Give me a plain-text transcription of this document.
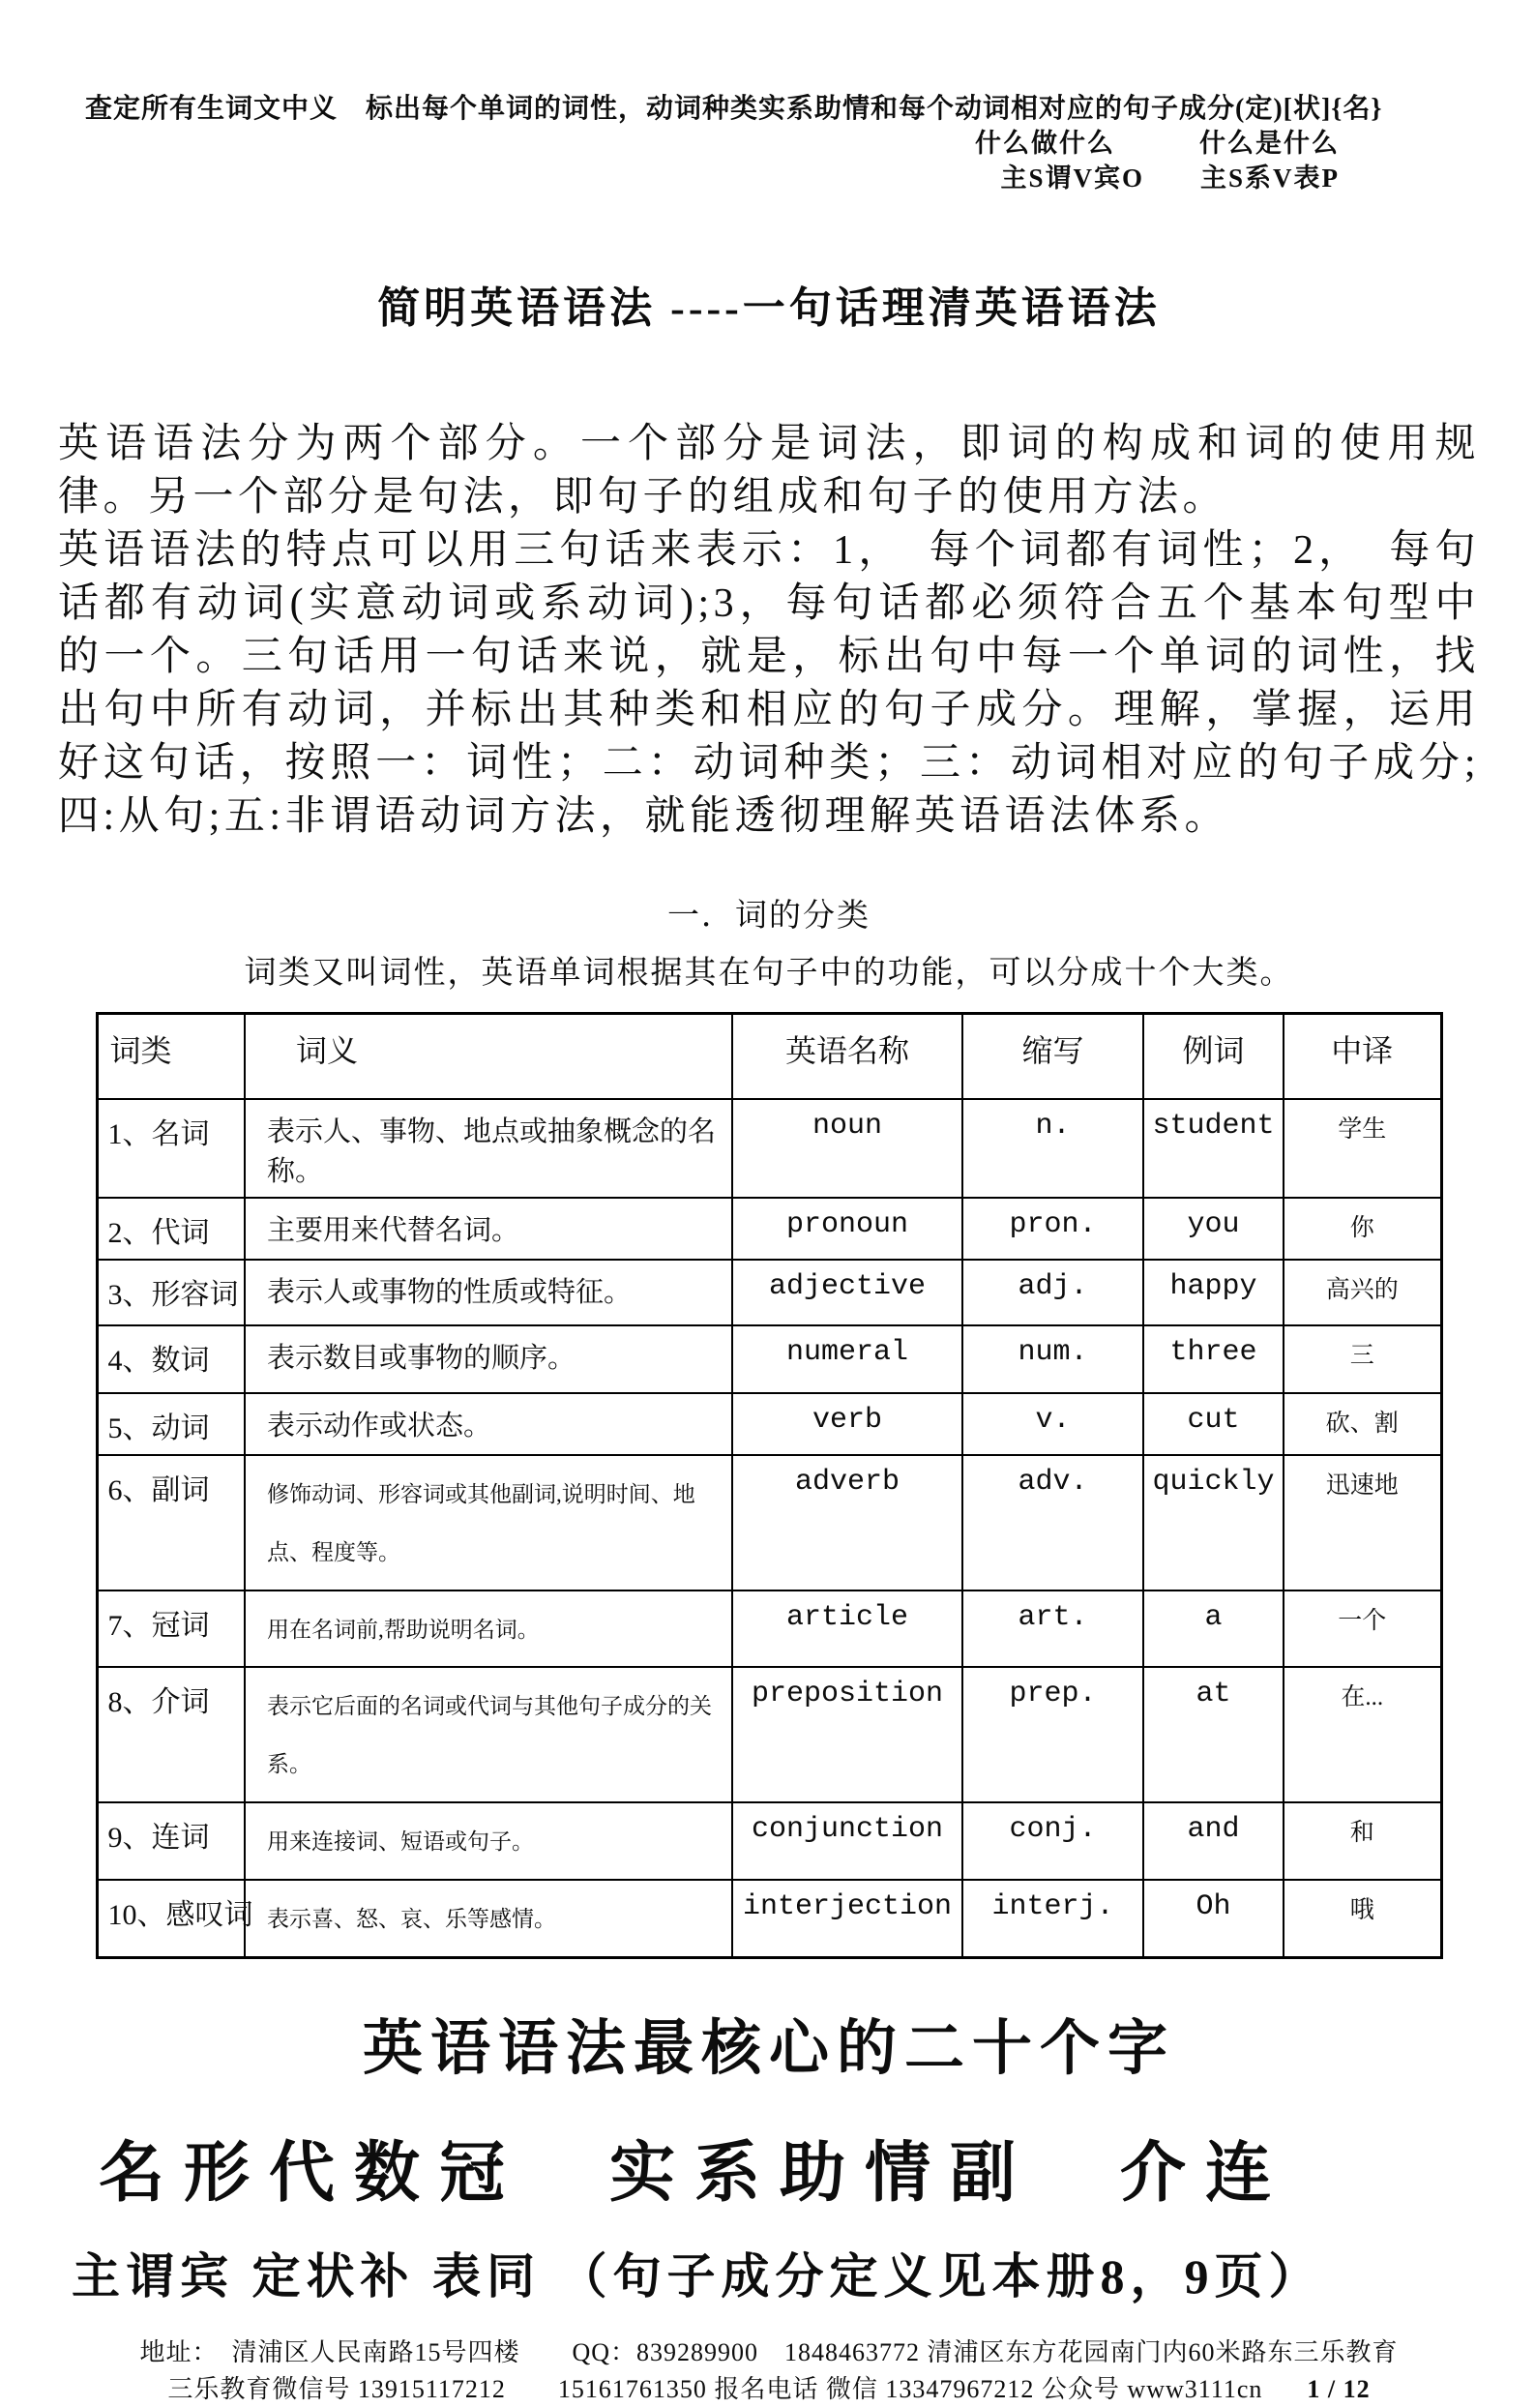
查定所有生词文中义　标出每个单词的词性，动词种类实系助情和每个动词相对应的句子成分(定)[状]{名}
什么做什么　　　什么是什么
主S谓V宾O　　主S系V表P
简明英语语法 ----一句话理清英语语法

英语语法分为两个部分。一个部分是词法，即词的构成和词的使用规律。另一个部分是句法，即句子的组成和句子的使用方法。

英语语法的特点可以用三句话来表示：1，　每个词都有词性；2，　每句话都有动词(实意动词或系动词);3，每句话都必须符合五个基本句型中的一个。三句话用一句话来说，就是，标出句中每一个单词的词性，找出句中所有动词，并标出其种类和相应的句子成分。理解，掌握，运用好这句话，按照一：词性；二：动词种类；三：动词相对应的句子成分;四:从句;五:非谓语动词方法，就能透彻理解英语语法体系。

一．词的分类
词类又叫词性，英语单词根据其在句子中的功能，可以分成十个大类。
词类	词义	英语名称	缩写	例词	中译
1、名词	表示人、事物、地点或抽象概念的名称。	noun	n.	student	学生
2、代词	主要用来代替名词。	pronoun	pron.	you	你
3、形容词	表示人或事物的性质或特征。	adjective	adj.	happy	高兴的
4、数词	表示数目或事物的顺序。	numeral	num.	three	三
5、动词	表示动作或状态。	verb	v.	cut	砍、割
6、副词	修饰动词、形容词或其他副词,说明时间、地点、程度等。	adverb	adv.	quickly	迅速地
7、冠词	用在名词前,帮助说明名词。	article	art.	a	一个
8、介词	表示它后面的名词或代词与其他句子成分的关系。	preposition	prep.	at	在...
9、连词	用来连接词、短语或句子。	conjunction	conj.	and	和
10、感叹词	表示喜、怒、哀、乐等感情。	interjection	interj.	Oh	哦
英语语法最核心的二十个字
名形代数冠　实系助情副　介连
主谓宾 定状补 表同 （句子成分定义见本册8，9页）
地址：　清浦区人民南路15号四楼　　QQ：839289900　1848463772 清浦区东方花园南门内60米路东三乐教育
三乐教育微信号 13915117212　　15161761350 报名电话 微信 13347967212 公众号 www3111cn 1 / 12
